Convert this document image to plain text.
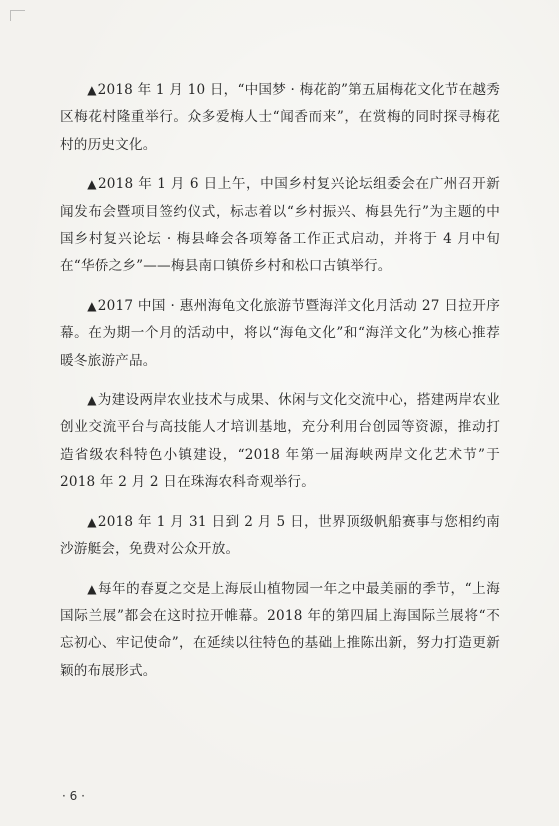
▲2018 年 1 月 10 日，“中国梦 · 梅花韵”第五届梅花文化节在越秀区梅花村隆重举行。众多爱梅人士“闻香而来”，在赏梅的同时探寻梅花村的历史文化。

▲2018 年 1 月 6 日上午，中国乡村复兴论坛组委会在广州召开新闻发布会暨项目签约仪式，标志着以“乡村振兴、梅县先行”为主题的中国乡村复兴论坛 · 梅县峰会各项筹备工作正式启动，并将于 4 月中旬在“华侨之乡”——梅县南口镇侨乡村和松口古镇举行。

▲2017 中国 · 惠州海龟文化旅游节暨海洋文化月活动 27 日拉开序幕。在为期一个月的活动中，将以“海龟文化”和“海洋文化”为核心推荐暖冬旅游产品。

▲为建设两岸农业技术与成果、休闲与文化交流中心，搭建两岸农业创业交流平台与高技能人才培训基地，充分利用台创园等资源，推动打造省级农科特色小镇建设，“2018 年第一届海峡两岸文化艺术节”于 2018 年 2 月 2 日在珠海农科奇观举行。

▲2018 年 1 月 31 日到 2 月 5 日，世界顶级帆船赛事与您相约南沙游艇会，免费对公众开放。

▲每年的春夏之交是上海辰山植物园一年之中最美丽的季节，“上海国际兰展”都会在这时拉开帷幕。2018 年的第四届上海国际兰展将“不忘初心、牢记使命”，在延续以往特色的基础上推陈出新，努力打造更新颖的布展形式。

· 6 ·
